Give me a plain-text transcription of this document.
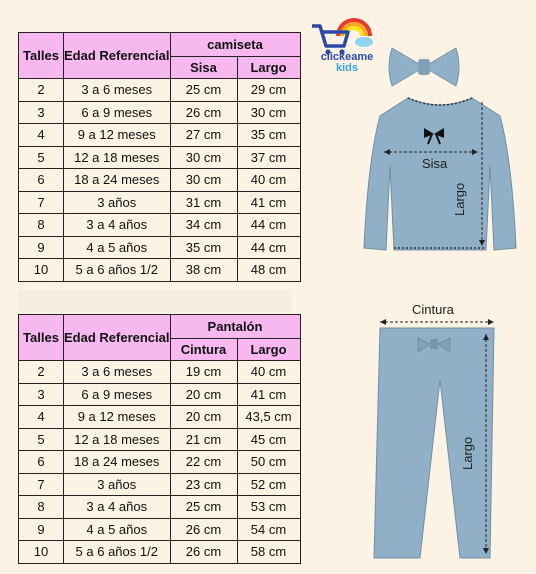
Talles	Edad Referencial	camiseta	
		Sisa	Largo
2	3 a 6 meses	25 cm	29 cm
3	6 a 9 meses	26 cm	30 cm
4	9 a 12 meses	27 cm	35 cm
5	12 a 18 meses	30 cm	37 cm
6	18 a 24 meses	30 cm	40 cm
7	3 años	31 cm	41 cm
8	3 a 4 años	34 cm	44 cm
9	4 a 5 años	35 cm	44 cm
10	5 a 6 años 1/2	38 cm	48 cm
Talles	Edad Referencial	Pantalón	
		Cintura	Largo
2	3 a 6 meses	19 cm	40 cm
3	6 a 9 meses	20 cm	41 cm
4	9 a 12 meses	20 cm	43,5 cm
5	12 a 18 meses	21 cm	45 cm
6	18 a 24 meses	22 cm	50 cm
7	3 años	23 cm	52 cm
8	3 a 4 años	25 cm	53 cm
9	4 a 5 años	26 cm	54 cm
10	5 a 6 años 1/2	26 cm	58 cm
clickeame
kids
Sisa
Largo
Cintura
Largo
